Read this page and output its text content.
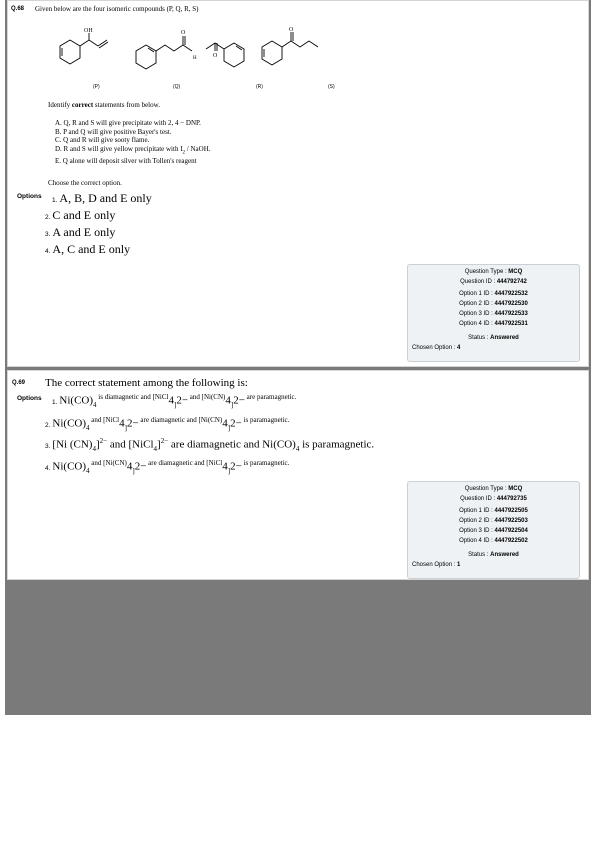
Q.68 Given below are the four isomeric compounds (P, Q, R, S)
OH	O
H	O
O
(P)	(Q)	(R)	(S)
Identify correct statements from below.
A. Q, R and S will give precipitate with 2, 4 − DNP.
B. P and Q will give positive Bayer's test.
C. Q and R will give sooty flame.
D. R and S will give yellow precipitate with $I_2$ / NaOH.
E. Q alone will deposit silver with Tollen's reagent
Choose the correct option.
Options
1. A, B, D and E only
2. C and E only
3. A and E only
4. A, C and E only
Question Type : MCQ
Question ID : 444792742
Option 1 ID : 4447922532
Option 2 ID : 4447922530
Option 3 ID : 4447922533
Option 4 ID : 4447922531
Status : Answered
Chosen Option : 4
Q.69 The correct statement among the following is:
Options
1. $Ni(CO)_4$ $^{is diamagnetic and [NiCl}4_]2- ^{and [Ni(CN)}4_]2- ^{are paramagnetic.}$
2. $Ni(CO)_4$ $^{and [NiCl}4_]2- ^{are diamagnetic and [Ni(CN)}4_]2- ^{is paramagnetic.}$
3. [Ni $(CN)_4]^{2-}$ and [NiCl$_4$]$^{2-}$ are diamagnetic and $Ni(CO)_4$ is paramagnetic.
4. $Ni(CO)_4$ $^{and [Ni(CN)}4_]2- ^{are diamagnetic and [NiCl}4_]2- ^{is paramagnetic.}$
Question Type : MCQ
Question ID : 444792735
Option 1 ID : 4447922505
Option 2 ID : 4447922503
Option 3 ID : 4447922504
Option 4 ID : 4447922502
Status : Answered
Chosen Option : 1
